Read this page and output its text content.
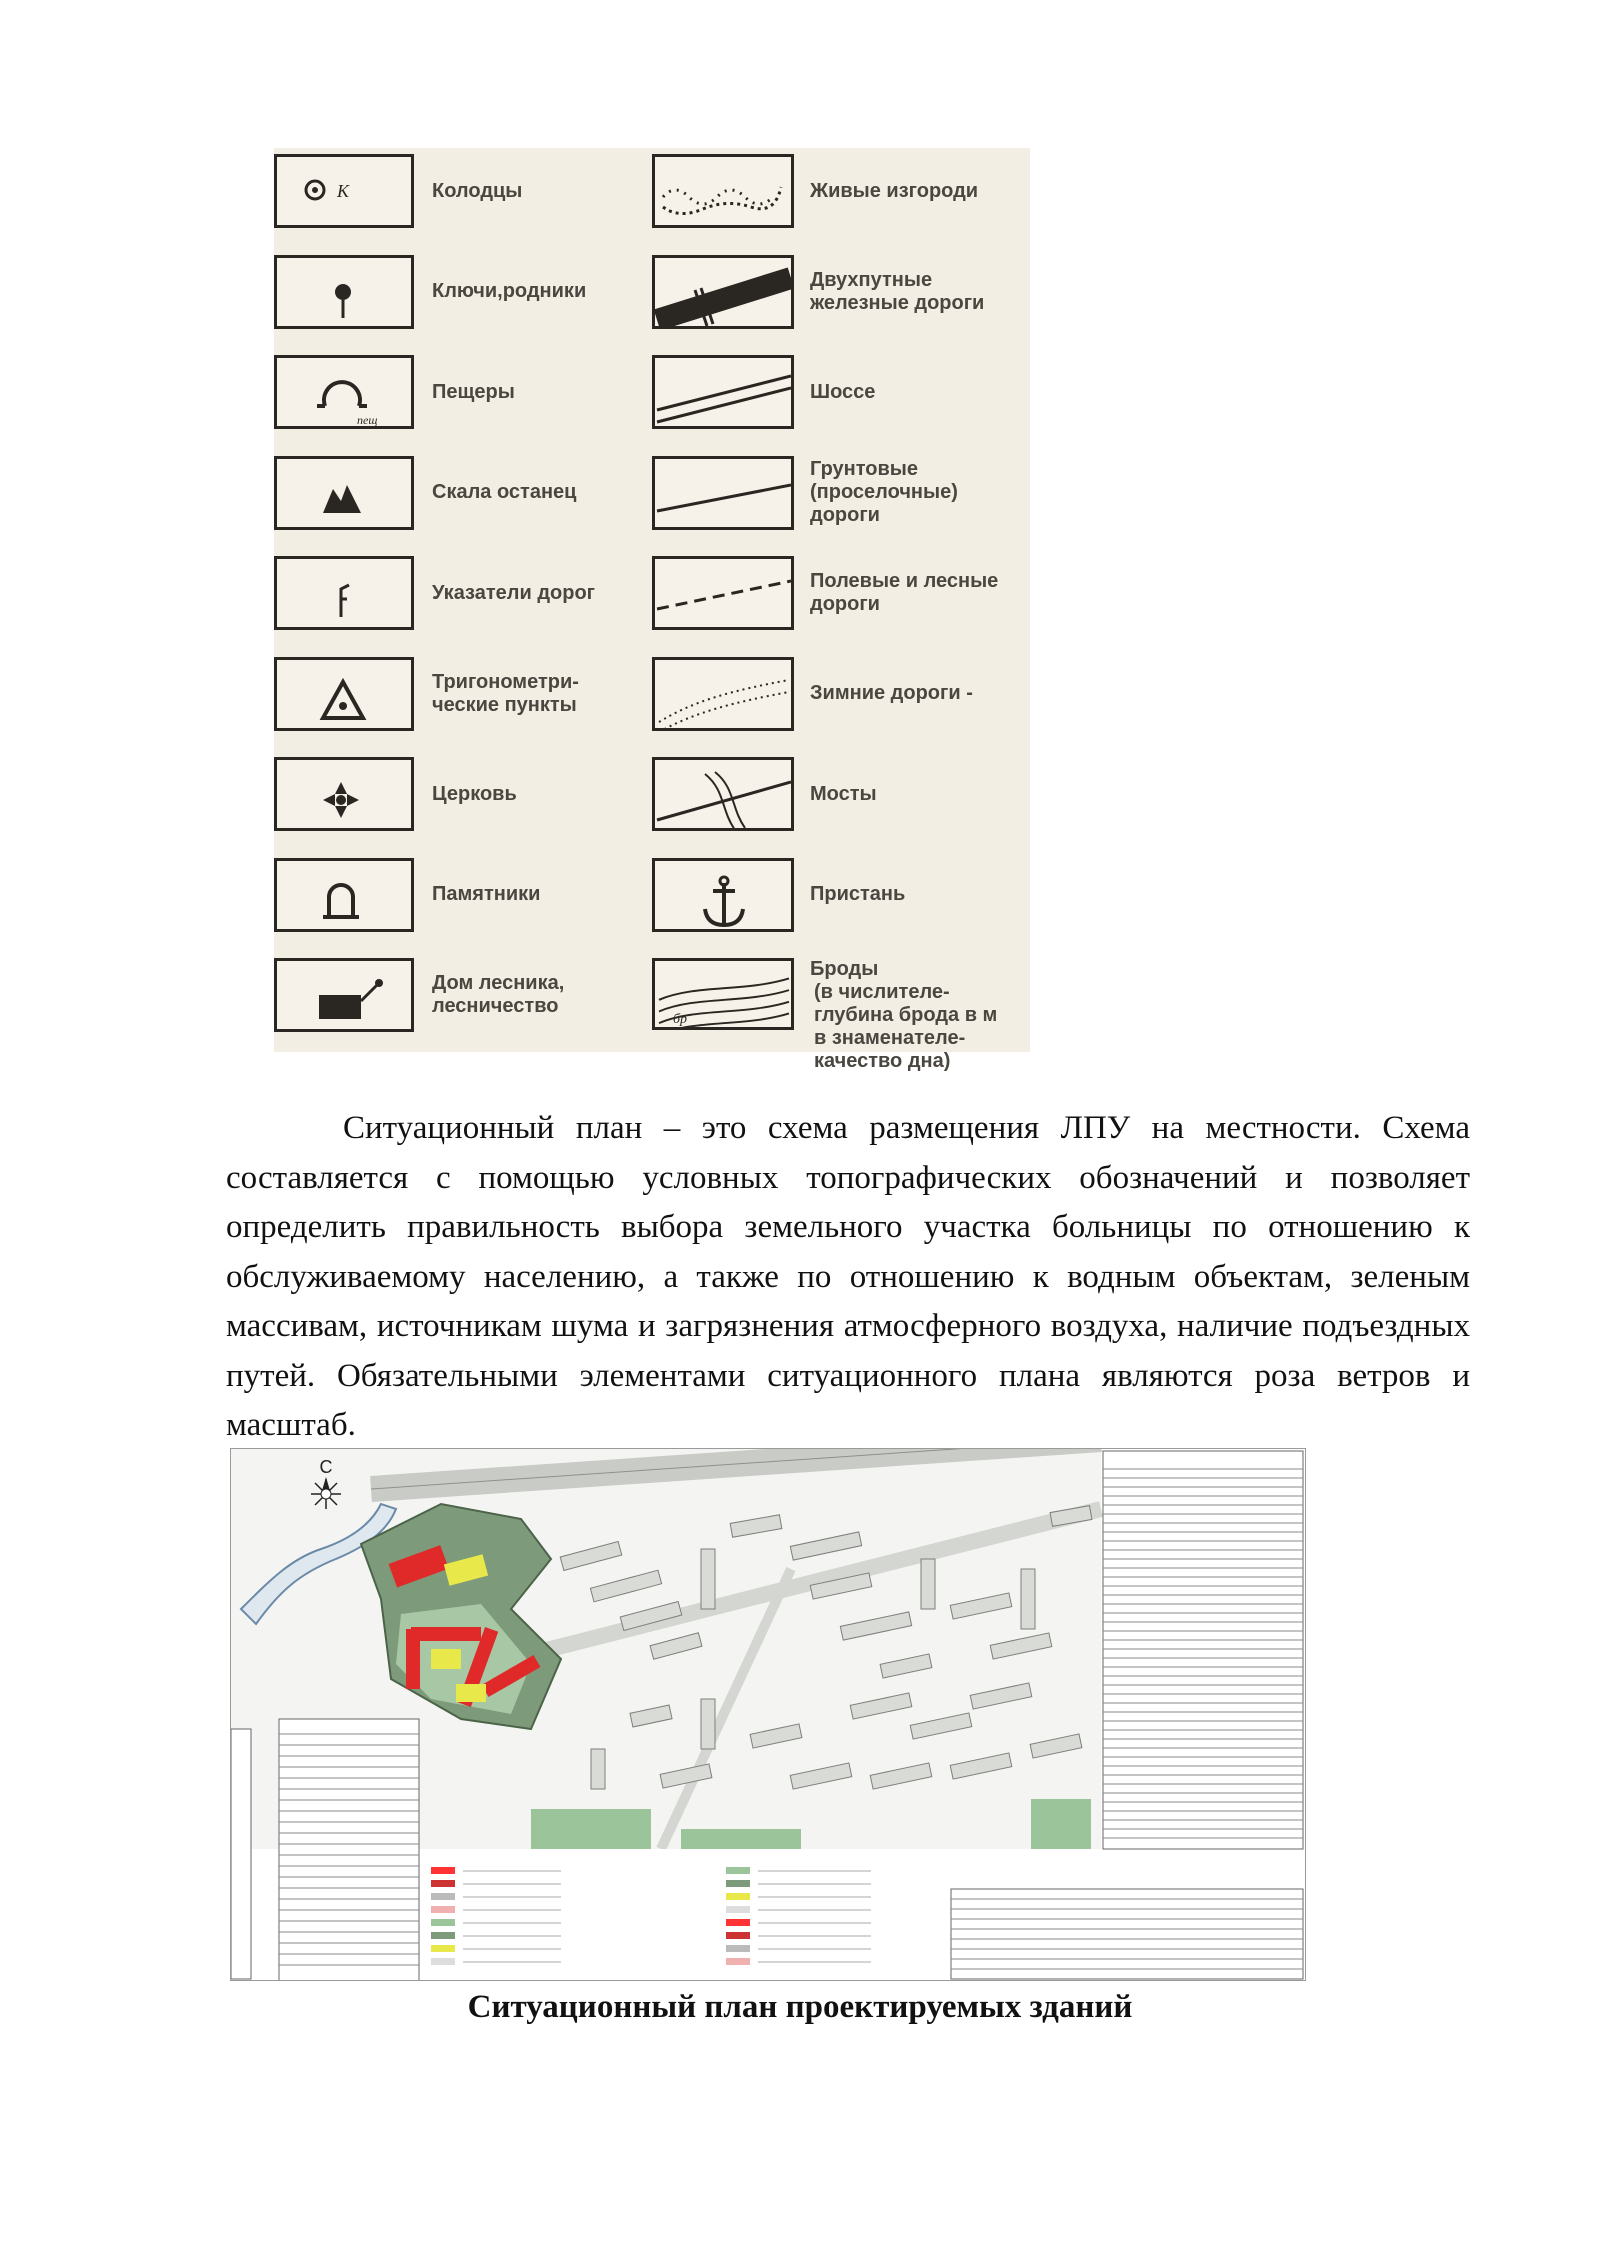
К	Колодцы
Ключи,родники
пещ
Пещеры
Скала останец
Указатели дорог
Тригонометри-
ческие пункты
Церковь
Памятники
Дом лесника,
лесничество
Живые изгороди
Двухпутные
железные дороги
Шоссе
Грунтовые
(проселочные)
дороги
Полевые и лесные
дороги
Зимние дороги -
Мосты
Пристань
бр
Броды
(в числителе-
глубина брода в м
в знаменателе-
качество дна)

Ситуационный план – это схема размещения ЛПУ на местности. Схема составляется с помощью условных топографических обозначений и позволяет определить правильность выбора земельного участка больницы по отношению к обслуживаемому населению, а также по отношению к водным объектам, зеленым массивам, источникам шума и загрязнения атмосферного воздуха, наличие подъездных путей. Обязательными элементами ситуационного плана являются роза ветров и масштаб.

С
Ситуационный план проектируемых зданий
